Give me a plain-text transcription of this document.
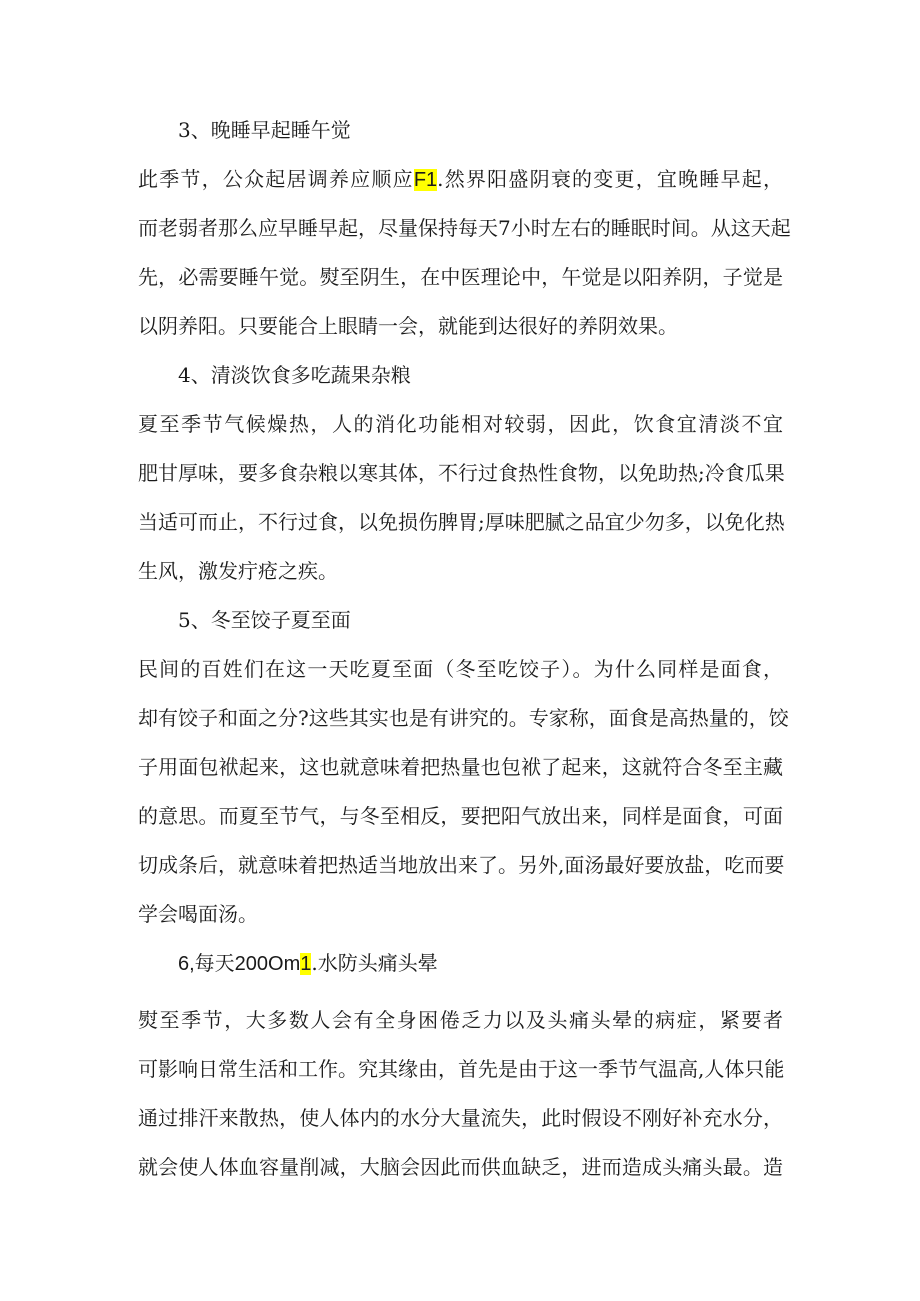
3、晚睡早起睡午觉
此季节，公众起居调养应顺应F1.然界阳盛阴衰的变更，宜晚睡早起，
而老弱者那么应早睡早起，尽量保持每天7小时左右的睡眠时间。从这天起
先，必需要睡午觉。熨至阴生，在中医理论中，午觉是以阳养阴，子觉是
以阴养阳。只要能合上眼睛一会，就能到达很好的养阴效果。
4、清淡饮食多吃蔬果杂粮
夏至季节气候燥热，人的消化功能相对较弱，因此，饮食宜清淡不宜
肥甘厚味，要多食杂粮以寒其体，不行过食热性食物，以免助热;冷食瓜果
当适可而止，不行过食，以免损伤脾胃;厚味肥腻之品宜少勿多，以免化热
生风，激发疔疮之疾。
5、冬至饺子夏至面
民间的百姓们在这一天吃夏至面（冬至吃饺子）。为什么同样是面食，
却有饺子和面之分?这些其实也是有讲究的。专家称，面食是高热量的，饺
子用面包袱起来，这也就意味着把热量也包袱了起来，这就符合冬至主藏
的意思。而夏至节气，与冬至相反，要把阳气放出来，同样是面食，可面
切成条后，就意味着把热适当地放出来了。另外,面汤最好要放盐，吃而要
学会喝面汤。
6,每天200Om1.水防头痛头晕
熨至季节，大多数人会有全身困倦乏力以及头痛头晕的病症，紧要者
可影响日常生活和工作。究其缘由，首先是由于这一季节气温高,人体只能
通过排汗来散热，使人体内的水分大量流失，此时假设不刚好补充水分，
就会使人体血容量削减，大脑会因此而供血缺乏，进而造成头痛头最。造
